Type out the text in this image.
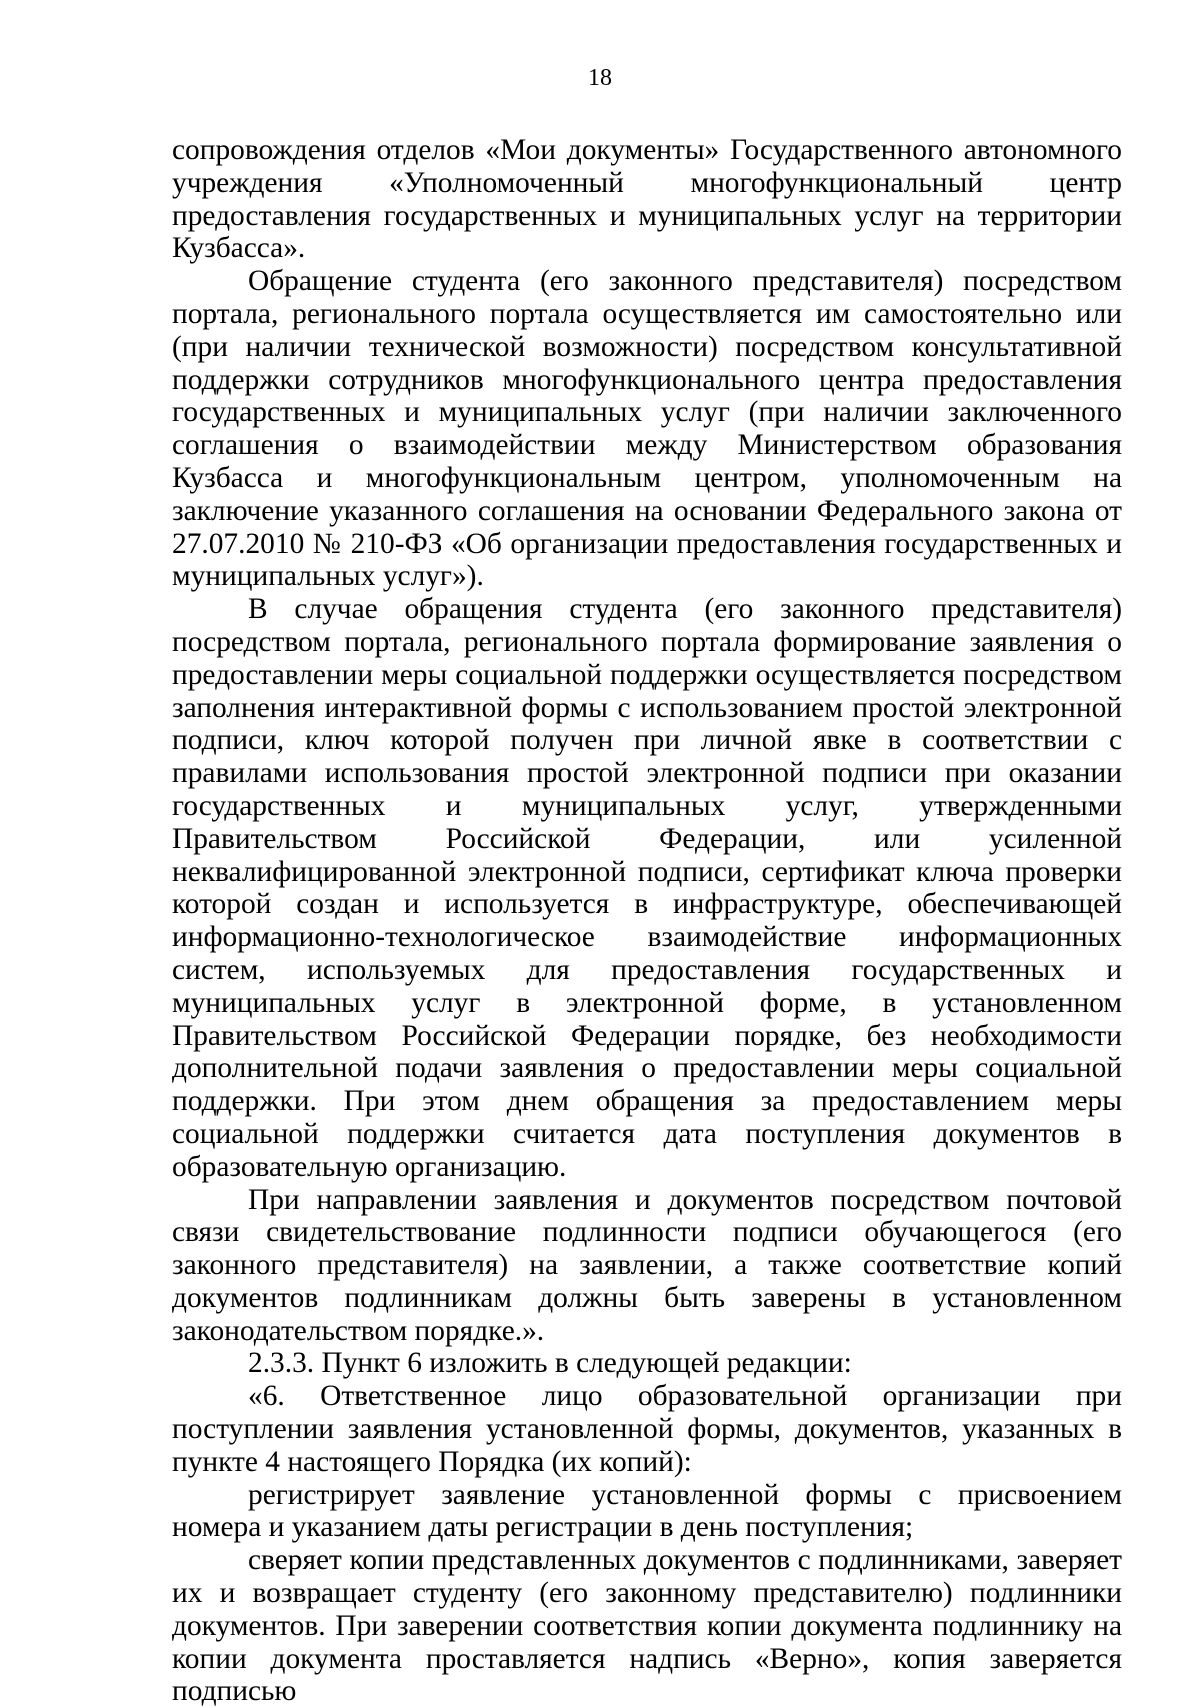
18

сопровождения отделов «Мои документы» Государственного автономного учреждения «Уполномоченный многофункциональный центр предоставления государственных и муниципальных услуг на территории Кузбасса».

Обращение студента (его законного представителя) посредством портала, регионального портала осуществляется им самостоятельно или (при наличии технической возможности) посредством консультативной поддержки сотрудников многофункционального центра предоставления государственных и муниципальных услуг (при наличии заключенного соглашения о взаимодействии между Министерством образования Кузбасса и многофункциональным центром, уполномоченным на заключение указанного соглашения на основании Федерального закона от 27.07.2010 № 210-ФЗ «Об организации предоставления государственных и муниципальных услуг»).

В случае обращения студента (его законного представителя) посредством портала, регионального портала формирование заявления о предоставлении меры социальной поддержки осуществляется посредством заполнения интерактивной формы с использованием простой электронной подписи, ключ которой получен при личной явке в соответствии с правилами использования простой электронной подписи при оказании государственных и муниципальных услуг, утвержденными Правительством Российской Федерации, или усиленной неквалифицированной электронной подписи, сертификат ключа проверки которой создан и используется в инфраструктуре, обеспечивающей информационно-технологическое взаимодействие информационных систем, используемых для предоставления государственных и муниципальных услуг в электронной форме, в установленном Правительством Российской Федерации порядке, без необходимости дополнительной подачи заявления о предоставлении меры социальной поддержки. При этом днем обращения за предоставлением меры социальной поддержки считается дата поступления документов в образовательную организацию.

При направлении заявления и документов посредством почтовой связи свидетельствование подлинности подписи обучающегося (его законного представителя) на заявлении, а также соответствие копий документов подлинникам должны быть заверены в установленном законодательством порядке.».

2.3.3. Пункт 6 изложить в следующей редакции:

«6. Ответственное лицо образовательной организации при поступлении заявления установленной формы, документов, указанных в пункте 4 настоящего Порядка (их копий):

регистрирует заявление установленной формы с присвоением номера и указанием даты регистрации в день поступления;

сверяет копии представленных документов с подлинниками, заверяет их и возвращает студенту (его законному представителю) подлинники документов. При заверении соответствия копии документа подлиннику на копии документа проставляется надпись «Верно», копия заверяется подписью
